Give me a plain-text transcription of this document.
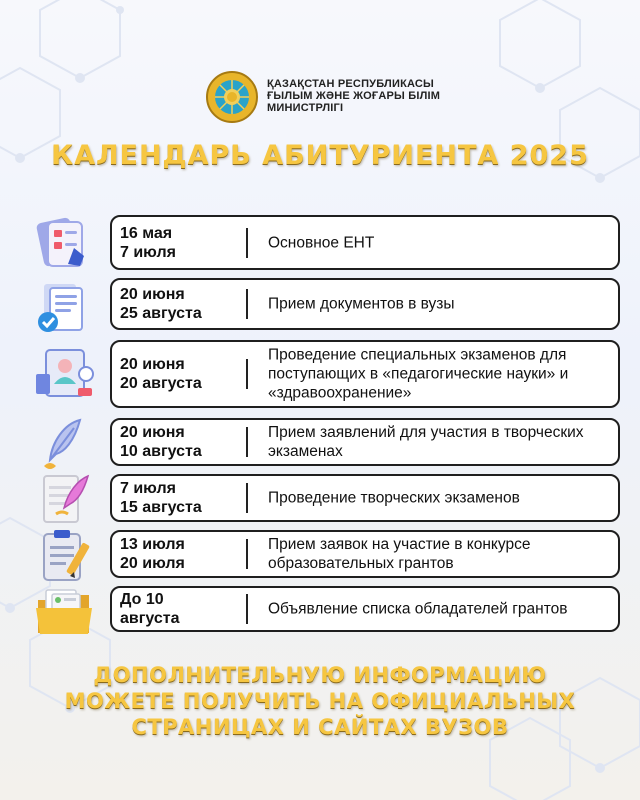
ҚАЗАҚСТАН РЕСПУБЛИКАСЫ
ҒЫЛЫМ ЖӘНЕ ЖОҒАРЫ БІЛІМ
МИНИСТРЛІГІ
КАЛЕНДАРЬ АБИТУРИЕНТА 2025
16 мая
7 июля
Основное ЕНТ
20 июня
25 августа
Прием документов в вузы
20 июня
20 августа
Проведение специальных экзаменов для поступающих в «педагогические науки» и «здравоохранение»
20 июня
10 августа
Прием заявлений для участия в творческих экзаменах
7 июля
15 августа
Проведение творческих экзаменов
13 июля
20 июля
Прием заявок на участие в конкурсе образовательных грантов
До 10
августа
Объявление списка обладателей грантов
ДОПОЛНИТЕЛЬНУЮ ИНФОРМАЦИЮ
МОЖЕТЕ ПОЛУЧИТЬ НА ОФИЦИАЛЬНЫХ
СТРАНИЦАХ И САЙТАХ ВУЗОВ
